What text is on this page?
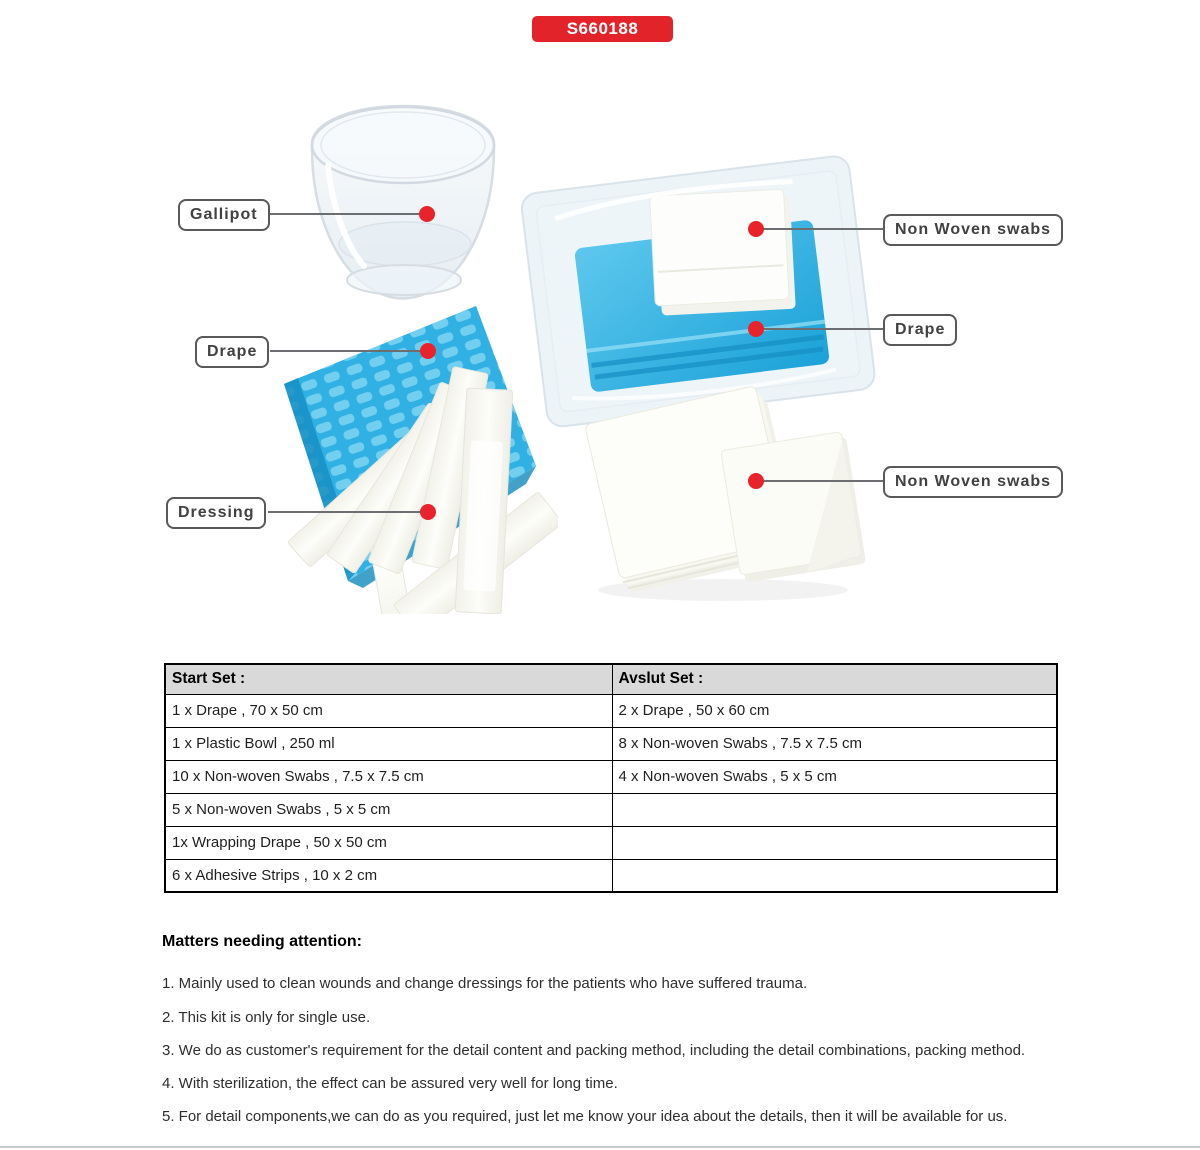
S660188
Gallipot
Drape
Dressing
Non Woven swabs
Drape
Non Woven swabs
Start Set :	Avslut Set :
1 x Drape , 70 x 50 cm	2 x Drape , 50 x 60 cm
1 x Plastic Bowl , 250 ml	8 x Non-woven Swabs , 7.5 x 7.5 cm
10 x Non-woven Swabs , 7.5 x 7.5 cm	4 x Non-woven Swabs , 5 x 5 cm
5 x Non-woven Swabs , 5 x 5 cm	
1x Wrapping Drape , 50 x 50 cm	
6 x Adhesive Strips , 10 x 2 cm	
Matters needing attention:
1. Mainly used to clean wounds and change dressings for the patients who have suffered trauma.
2. This kit is only for single use.
3. We do as customer's requirement for the detail content and packing method, including the detail combinations, packing method.
4. With sterilization, the effect can be assured very well for long time.
5. For detail components,we can do as you required, just let me know your idea about the details, then it will be available for us.
